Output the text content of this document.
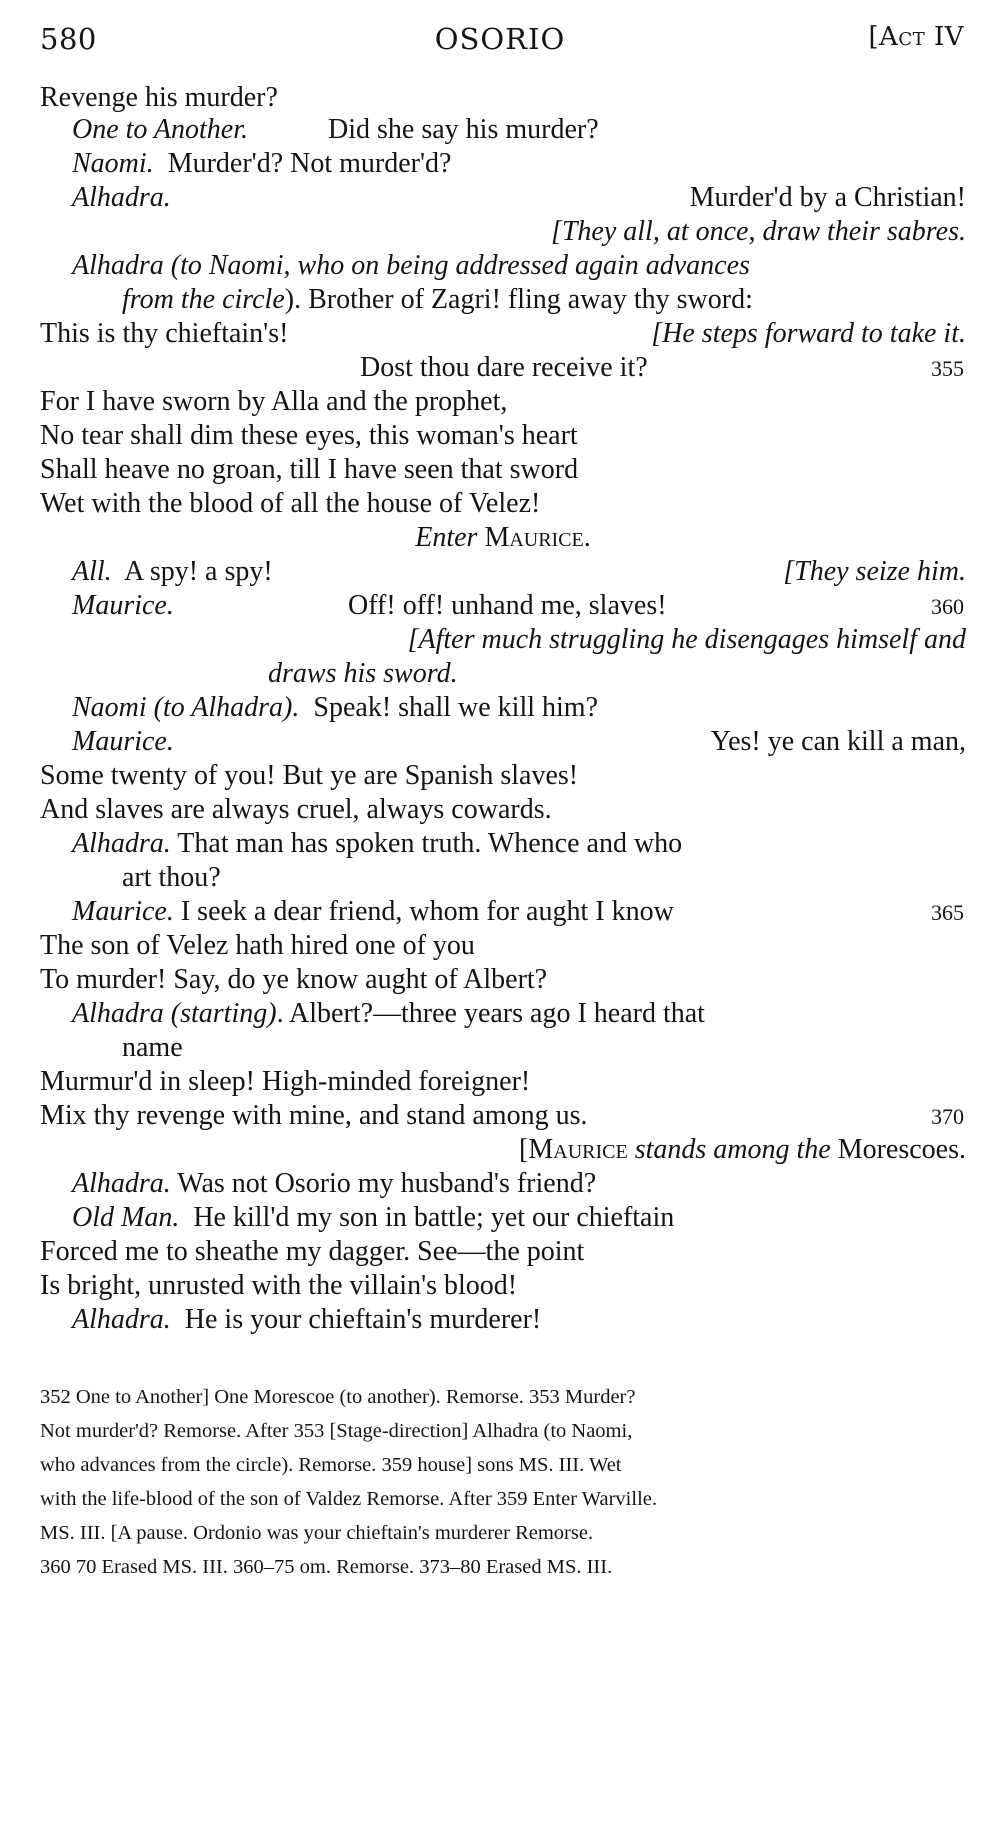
580	OSORIO	[Act IV
Revenge his murder?
One to Another.	Did she say his murder?
Naomi. Murder'd? Not murder'd?
Alhadra.	Murder'd by a Christian!
[They all, at once, draw their sabres.
Alhadra (to Naomi, who on being addressed again advances
from the circle). Brother of Zagri! fling away thy sword:
This is thy chieftain's!	[He steps forward to take it.
Dost thou dare receive it?	355
For I have sworn by Alla and the prophet,
No tear shall dim these eyes, this woman's heart
Shall heave no groan, till I have seen that sword
Wet with the blood of all the house of Velez!
Enter Maurice.
All. A spy! a spy!	[They seize him.
Maurice.	Off! off! unhand me, slaves!	360
[After much struggling he disengages himself and
draws his sword.
Naomi (to Alhadra). Speak! shall we kill him?
Maurice.	Yes! ye can kill a man,
Some twenty of you! But ye are Spanish slaves!
And slaves are always cruel, always cowards.
Alhadra. That man has spoken truth. Whence and who
art thou?
Maurice. I seek a dear friend, whom for aught I know	365
The son of Velez hath hired one of you
To murder! Say, do ye know aught of Albert?
Alhadra (starting). Albert?—three years ago I heard that
name
Murmur'd in sleep! High-minded foreigner!
Mix thy revenge with mine, and stand among us.	370
[Maurice stands among the Morescoes.
Alhadra. Was not Osorio my husband's friend?
Old Man. He kill'd my son in battle; yet our chieftain
Forced me to sheathe my dagger. See—the point
Is bright, unrusted with the villain's blood!
Alhadra. He is your chieftain's murderer!
352 One to Another] One Morescoe (to another). Remorse. 353 Murder?
Not murder'd? Remorse. After 353 [Stage-direction] Alhadra (to Naomi,
who advances from the circle). Remorse. 359 house] sons MS. III. Wet
with the life-blood of the son of Valdez Remorse. After 359 Enter Warville.
MS. III. [A pause. Ordonio was your chieftain's murderer Remorse.
360 70 Erased MS. III. 360–75 om. Remorse. 373–80 Erased MS. III.
